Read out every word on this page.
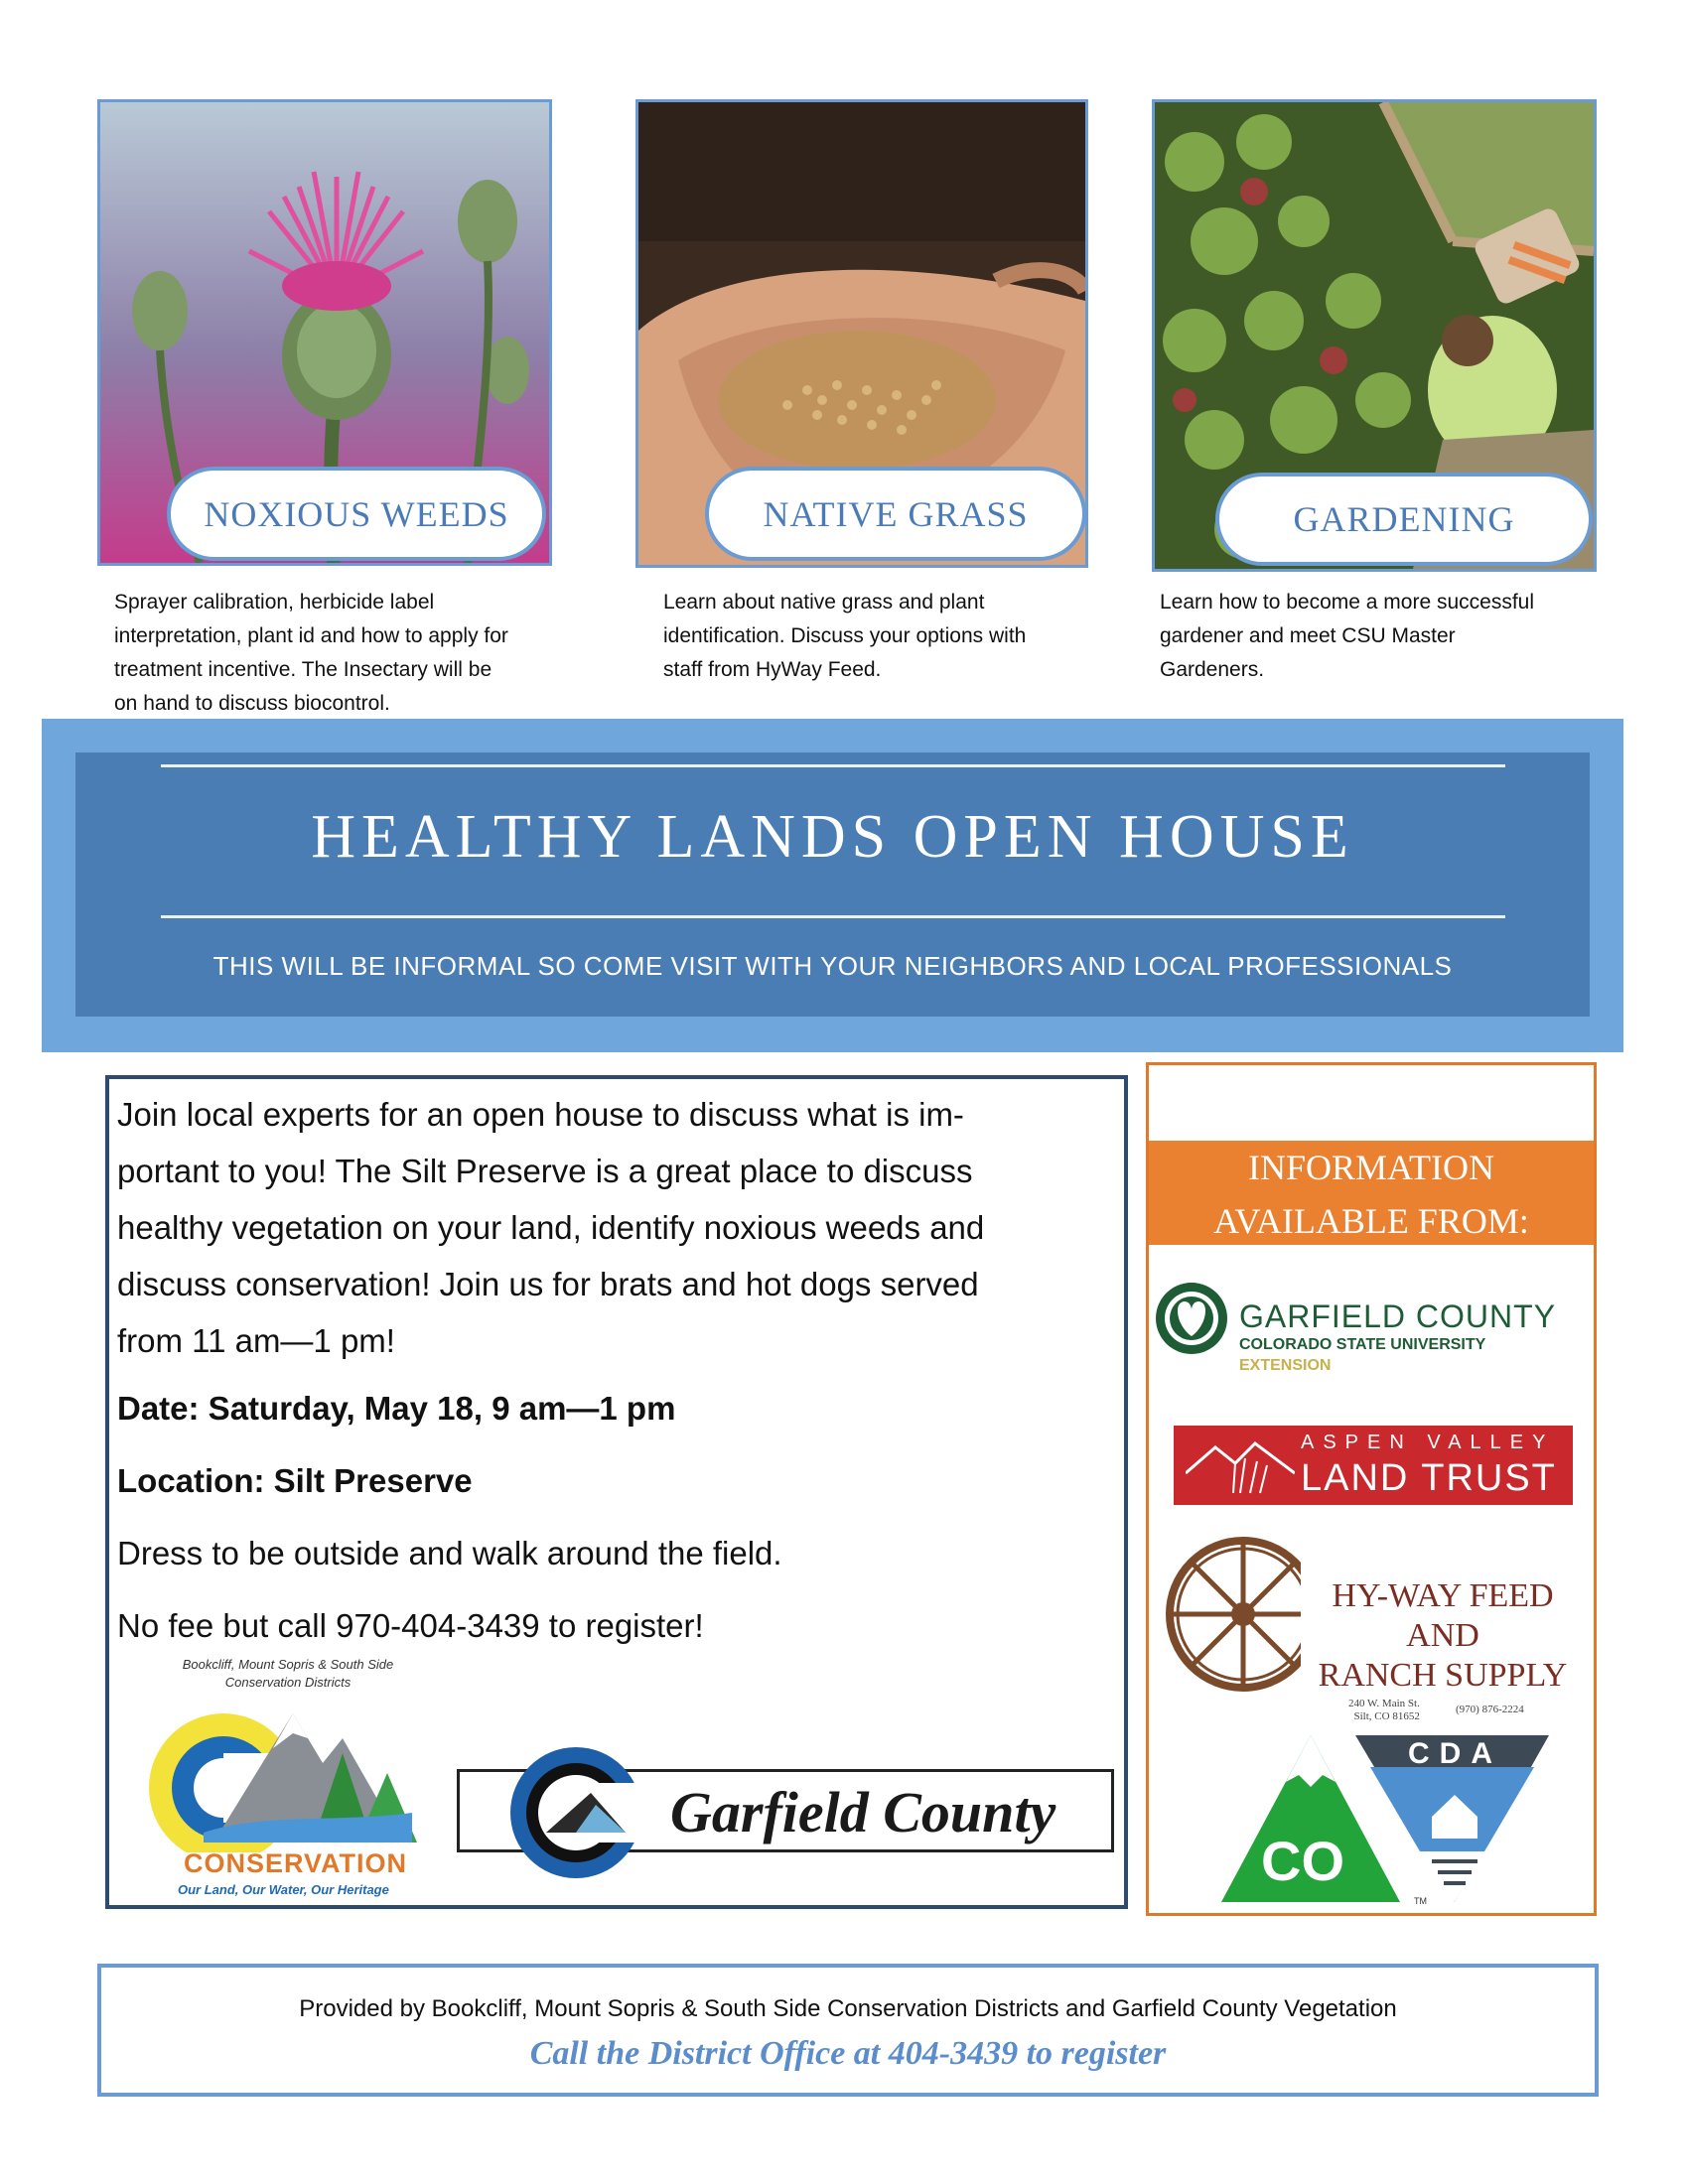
NOXIOUS WEEDS
Sprayer calibration, herbicide label
interpretation, plant id and how to apply for
treatment incentive. The Insectary will be
on hand to discuss biocontrol.
NATIVE GRASS
Learn about native grass and plant
identification. Discuss your options with
staff from HyWay Feed.
GARDENING
Learn how to become a more successful
gardener and meet CSU Master
Gardeners.
HEALTHY LANDS OPEN HOUSE
THIS WILL BE INFORMAL SO COME VISIT WITH YOUR NEIGHBORS AND LOCAL PROFESSIONALS
Join local experts for an open house to discuss what is im-
portant to you! The Silt Preserve is a great place to discuss
healthy vegetation on your land, identify noxious weeds and
discuss conservation! Join us for brats and hot dogs served
from 11 am—1 pm!
Date: Saturday, May 18, 9 am—1 pm
Location: Silt Preserve
Dress to be outside and walk around the field.
No fee but call 970-404-3439 to register!
Bookcliff, Mount Sopris & South Side
Conservation Districts
CONSERVATION
Our Land, Our Water, Our Heritage
Garfield County
INFORMATION
AVAILABLE FROM:
GARFIELD COUNTY
COLORADO STATE UNIVERSITY
EXTENSION
ASPEN VALLEY
LAND TRUST
HY-WAY FEED AND
RANCH SUPPLY
240 W. Main St.
Silt, CO 81652
(970) 876-2224
CDA
CO
TM
Provided by Bookcliff, Mount Sopris & South Side Conservation Districts and Garfield County Vegetation
Call the District Office at 404-3439 to register
